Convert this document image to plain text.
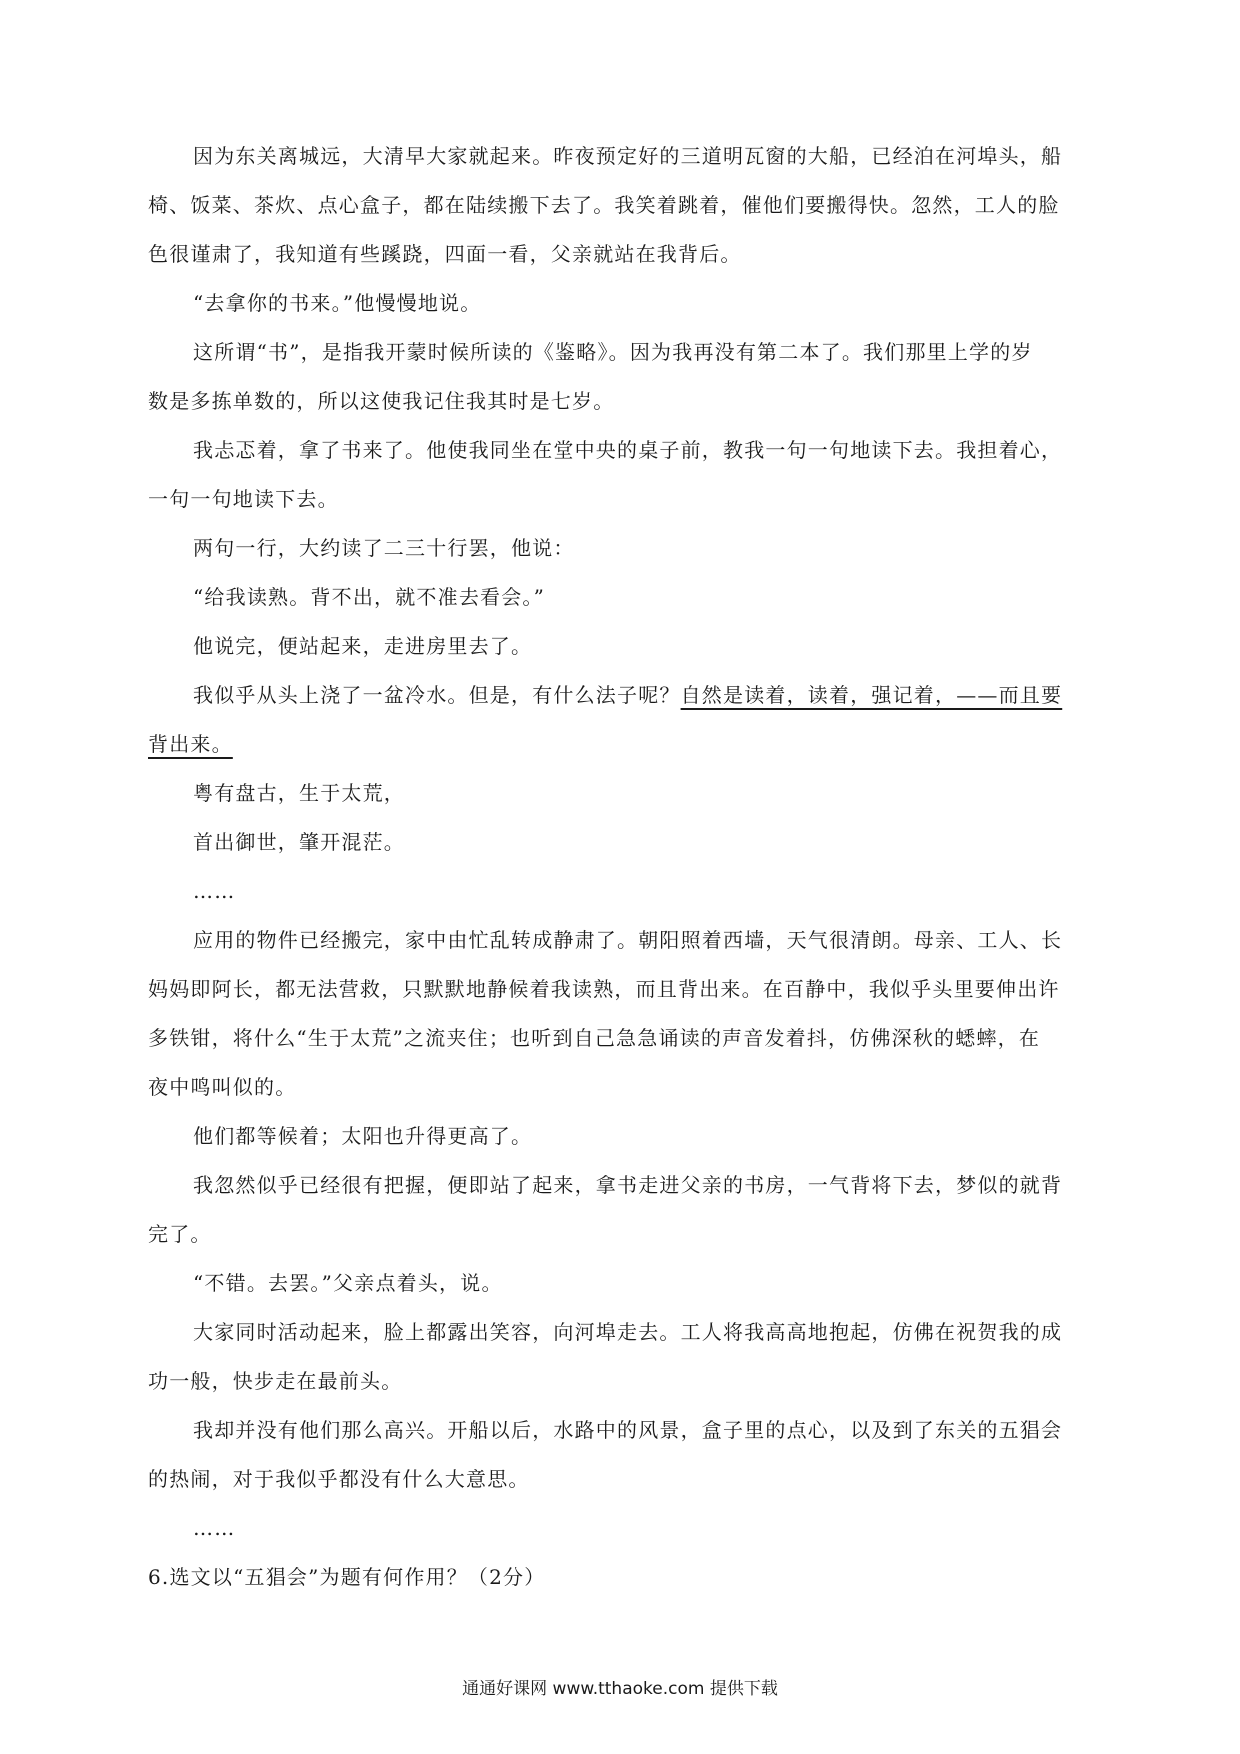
因为东关离城远，大清早大家就起来。昨夜预定好的三道明瓦窗的大船，已经泊在河埠头，船
椅、饭菜、茶炊、点心盒子，都在陆续搬下去了。我笑着跳着，催他们要搬得快。忽然，工人的脸
色很谨肃了，我知道有些蹊跷，四面一看，父亲就站在我背后。
“去拿你的书来。”他慢慢地说。
这所谓“书”，是指我开蒙时候所读的《鉴略》。因为我再没有第二本了。我们那里上学的岁
数是多拣单数的，所以这使我记住我其时是七岁。
我忐忑着，拿了书来了。他使我同坐在堂中央的桌子前，教我一句一句地读下去。我担着心，
一句一句地读下去。
两句一行，大约读了二三十行罢，他说：
“给我读熟。背不出，就不准去看会。”
他说完，便站起来，走进房里去了。
我似乎从头上浇了一盆冷水。但是，有什么法子呢？自然是读着，读着，强记着，——而且要
背出来。
粤有盘古，生于太荒，
首出御世，肇开混茫。
……
应用的物件已经搬完，家中由忙乱转成静肃了。朝阳照着西墙，天气很清朗。母亲、工人、长
妈妈即阿长，都无法营救，只默默地静候着我读熟，而且背出来。在百静中，我似乎头里要伸出许
多铁钳，将什么“生于太荒”之流夹住；也听到自己急急诵读的声音发着抖，仿佛深秋的蟋蟀，在
夜中鸣叫似的。
他们都等候着；太阳也升得更高了。
我忽然似乎已经很有把握，便即站了起来，拿书走进父亲的书房，一气背将下去，梦似的就背
完了。
“不错。去罢。”父亲点着头，说。
大家同时活动起来，脸上都露出笑容，向河埠走去。工人将我高高地抱起，仿佛在祝贺我的成
功一般，快步走在最前头。
我却并没有他们那么高兴。开船以后，水路中的风景，盒子里的点心，以及到了东关的五猖会
的热闹，对于我似乎都没有什么大意思。
……
6.选文以“五猖会”为题有何作用？（2分）
通通好课网 www.tthaoke.com 提供下载
